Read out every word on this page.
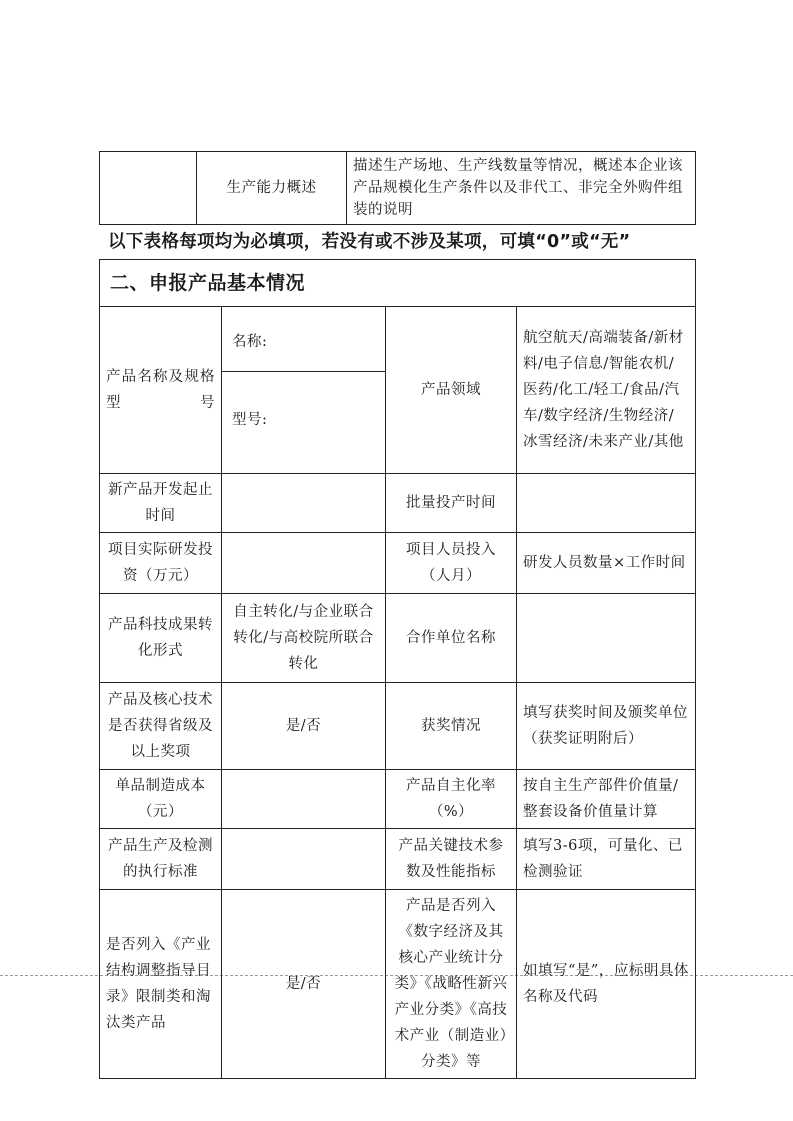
	生产能力概述	描述生产场地、生产线数量等情况，概述本企业该产品规模化生产条件以及非代工、非完全外购件组装的说明
以下表格每项均为必填项，若没有或不涉及某项，可填“0”或“无”
二、申报产品基本情况			
产品名称及规格型号	名称:
型号:	产品领域	航空航天/高端装备/新材料/电子信息/智能农机/医药/化工/轻工/食品/汽车/数字经济/生物经济/冰雪经济/未来产业/其他
新产品开发起止时间		批量投产时间	
项目实际研发投资（万元）		项目人员投入（人月）	研发人员数量×工作时间
产品科技成果转化形式	自主转化/与企业联合转化/与高校院所联合转化	合作单位名称	
产品及核心技术是否获得省级及以上奖项	是/否	获奖情况	填写获奖时间及颁奖单位（获奖证明附后）
单品制造成本（元）		产品自主化率（%）	按自主生产部件价值量/整套设备价值量计算
产品生产及检测的执行标准		产品关键技术参数及性能指标	填写3-6项，可量化、已检测验证
是否列入《产业结构调整指导目录》限制类和淘汰类产品	是/否	产品是否列入《数字经济及其核心产业统计分类》《战略性新兴产业分类》《高技术产业（制造业）分类》等	如填写“是”，应标明具体名称及代码
